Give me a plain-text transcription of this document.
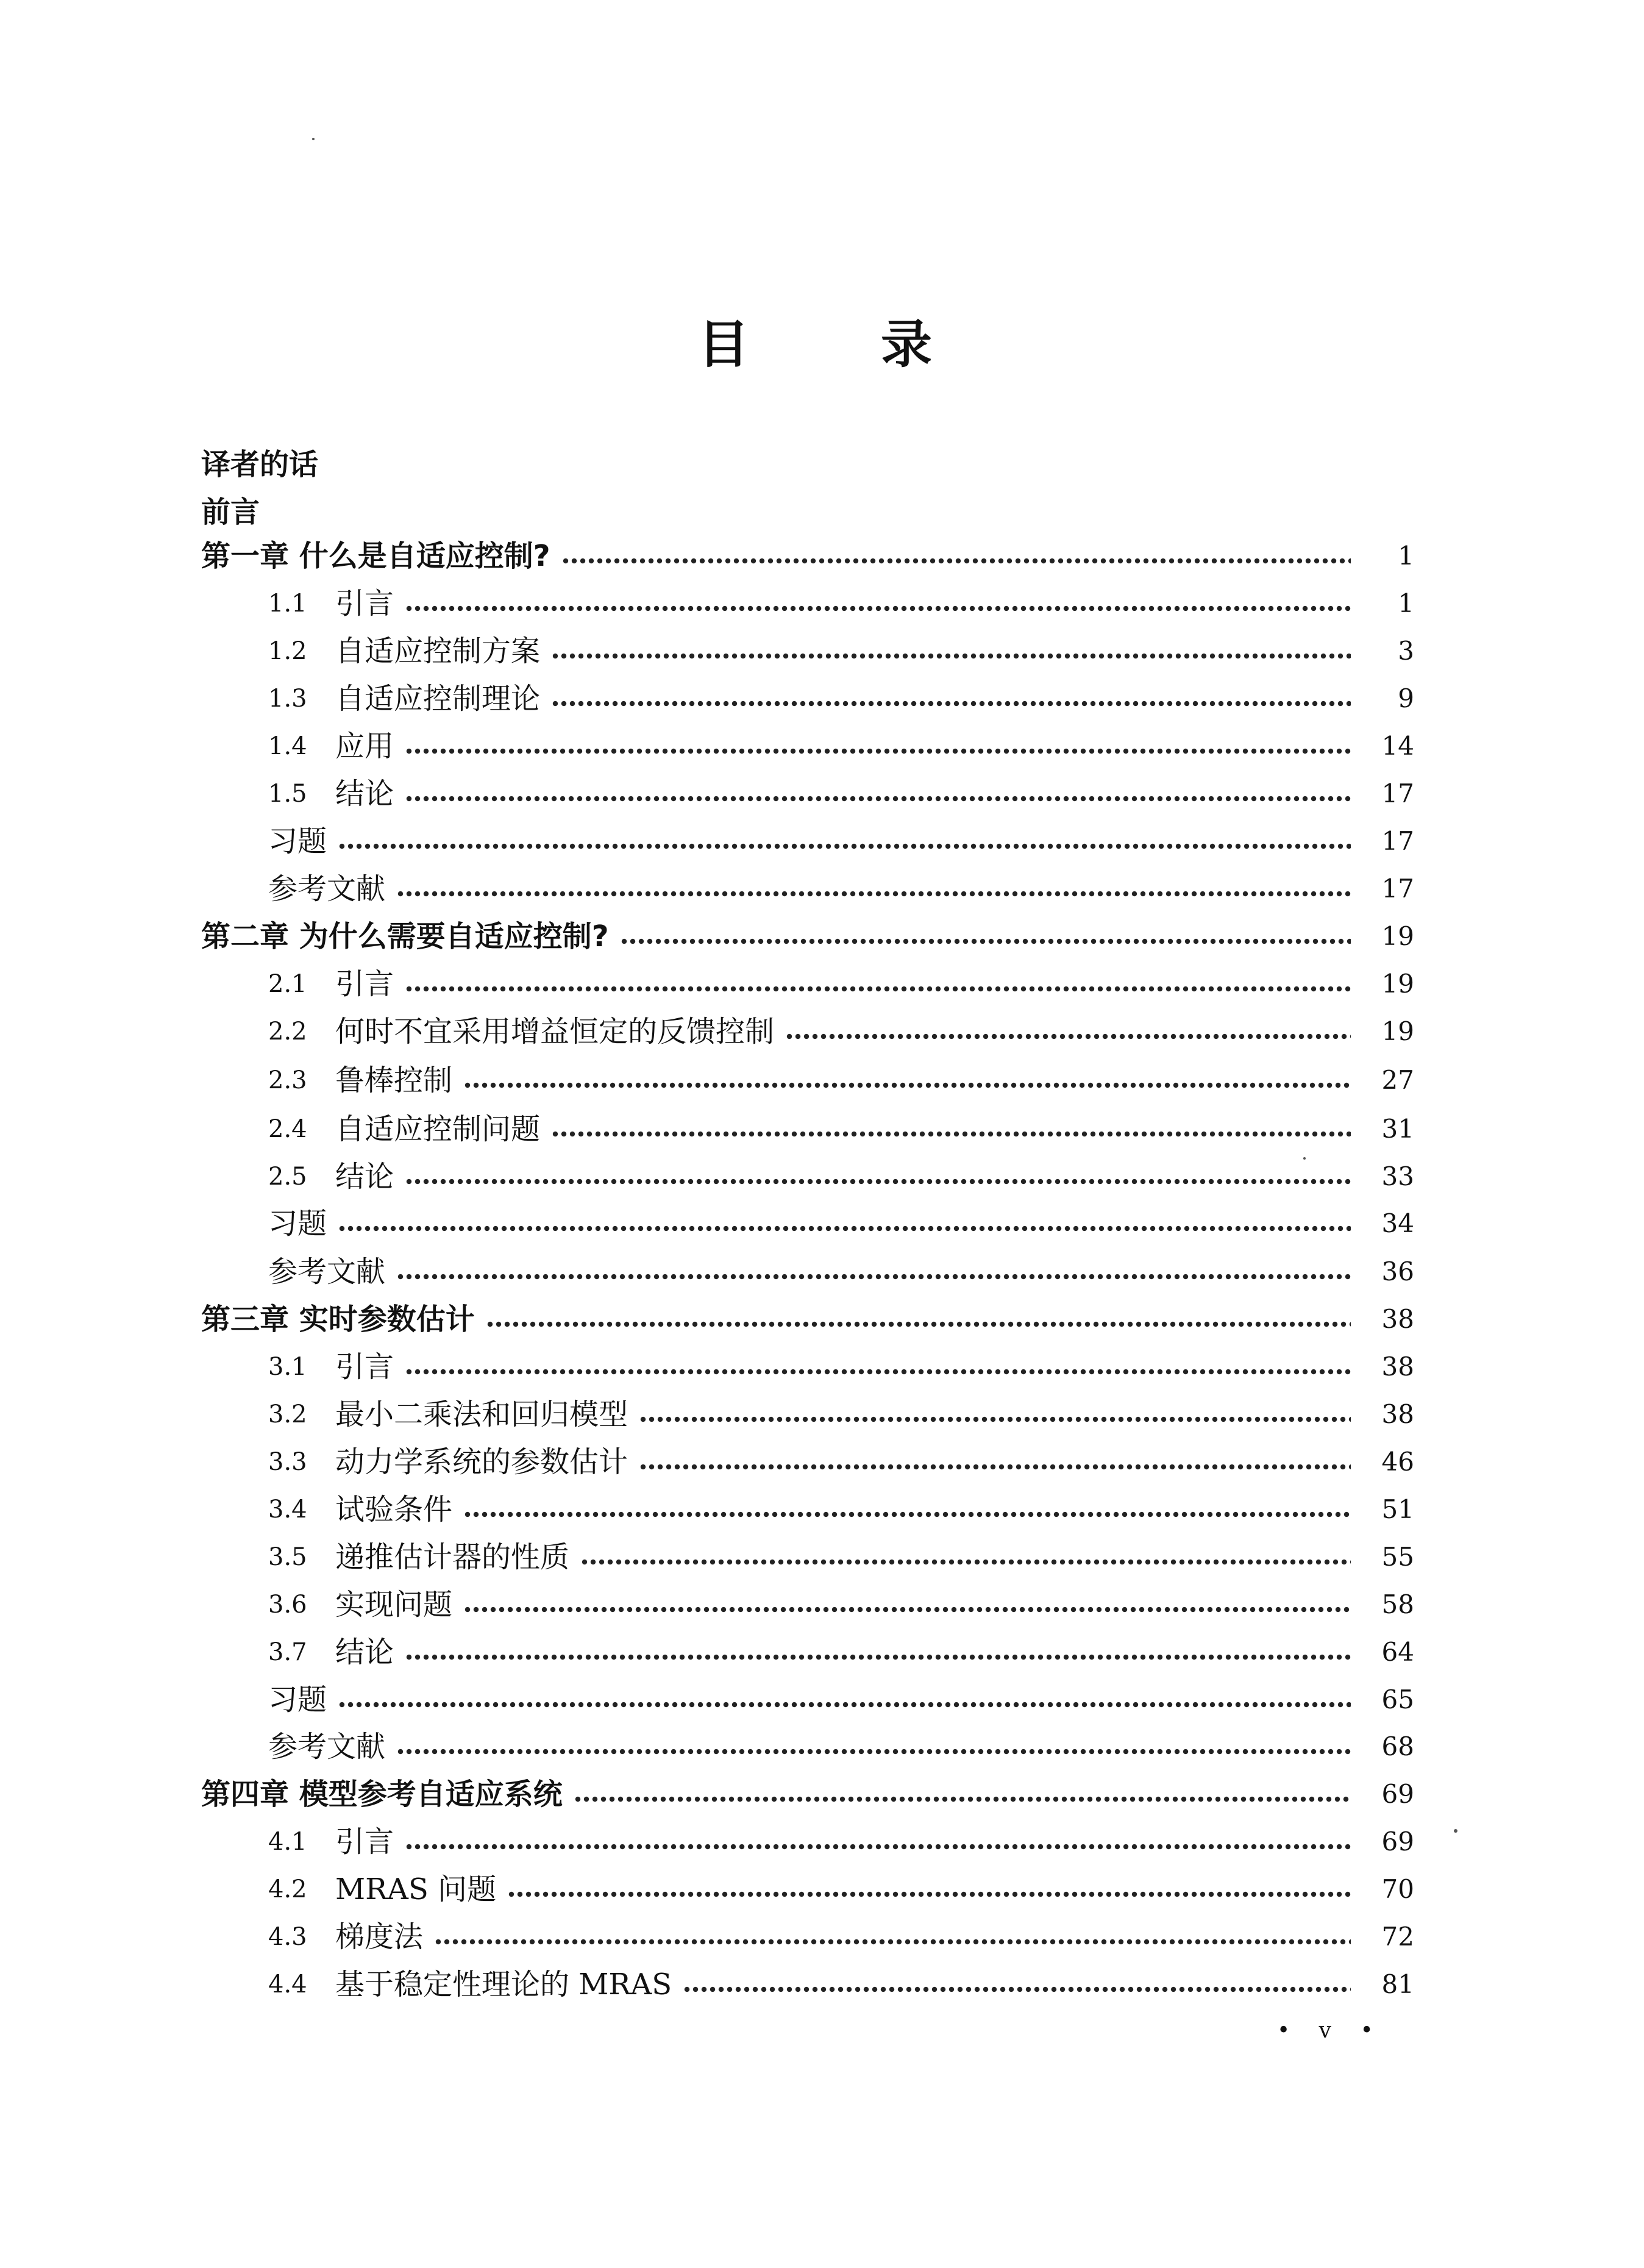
目	录
译者的话
前言
第一章 什么是自适应控制?	1
1.1 引言	1
1.2 自适应控制方案	3
1.3 自适应控制理论	9
1.4 应用	14
1.5 结论	17
习题	17
参考文献	17
第二章 为什么需要自适应控制?	19
2.1 引言	19
2.2 何时不宜采用增益恒定的反馈控制	19
2.3 鲁棒控制	27
2.4 自适应控制问题	31
2.5 结论	33
习题	34
参考文献	36
第三章 实时参数估计	38
3.1 引言	38
3.2 最小二乘法和回归模型	38
3.3 动力学系统的参数估计	46
3.4 试验条件	51
3.5 递推估计器的性质	55
3.6 实现问题	58
3.7 结论	64
习题	65
参考文献	68
第四章 模型参考自适应系统	69
4.1 引言	69
4.2 MRAS 问题	70
4.3 梯度法	72
4.4 基于稳定性理论的 MRAS	81
• v •
